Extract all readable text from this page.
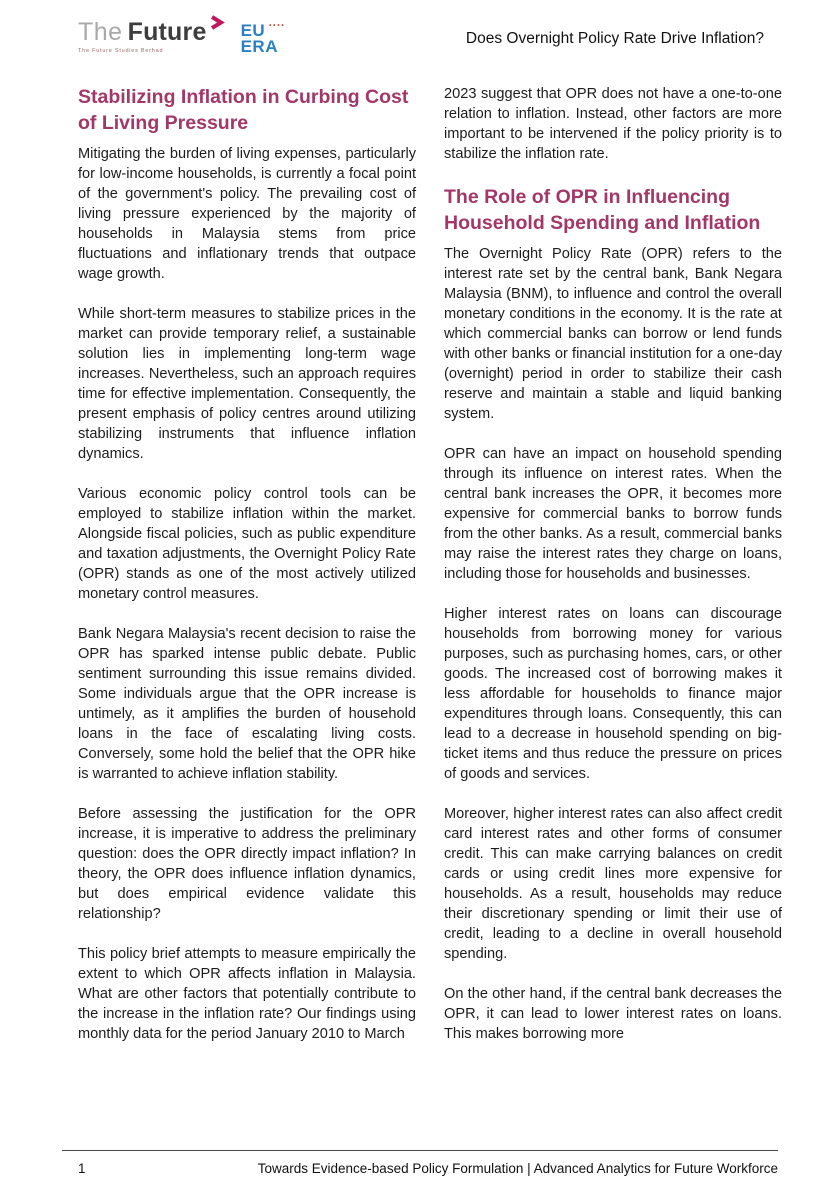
The Future
The Future Studies Berhad
EU ••••
ERA	Does Overnight Policy Rate Drive Inflation?
Stabilizing Inflation in Curbing Cost of Living Pressure

Mitigating the burden of living expenses, particularly for low-income households, is currently a focal point of the government's policy. The prevailing cost of living pressure experienced by the majority of households in Malaysia stems from price fluctuations and inflationary trends that outpace wage growth.

While short-term measures to stabilize prices in the market can provide temporary relief, a sustainable solution lies in implementing long-term wage increases. Nevertheless, such an approach requires time for effective implementation. Consequently, the present emphasis of policy centres around utilizing stabilizing instruments that influence inflation dynamics.

Various economic policy control tools can be employed to stabilize inflation within the market. Alongside fiscal policies, such as public expenditure and taxation adjustments, the Overnight Policy Rate (OPR) stands as one of the most actively utilized monetary control measures.

Bank Negara Malaysia's recent decision to raise the OPR has sparked intense public debate. Public sentiment surrounding this issue remains divided. Some individuals argue that the OPR increase is untimely, as it amplifies the burden of household loans in the face of escalating living costs. Conversely, some hold the belief that the OPR hike is warranted to achieve inflation stability.

Before assessing the justification for the OPR increase, it is imperative to address the preliminary question: does the OPR directly impact inflation? In theory, the OPR does influence inflation dynamics, but does empirical evidence validate this relationship?

This policy brief attempts to measure empirically the extent to which OPR affects inflation in Malaysia. What are other factors that potentially contribute to the increase in the inflation rate? Our findings using monthly data for the period January 2010 to March

2023 suggest that OPR does not have a one-to-one relation to inflation. Instead, other factors are more important to be intervened if the policy priority is to stabilize the inflation rate.

The Role of OPR in Influencing Household Spending and Inflation

The Overnight Policy Rate (OPR) refers to the interest rate set by the central bank, Bank Negara Malaysia (BNM), to influence and control the overall monetary conditions in the economy. It is the rate at which commercial banks can borrow or lend funds with other banks or financial institution for a one-day (overnight) period in order to stabilize their cash reserve and maintain a stable and liquid banking system.

OPR can have an impact on household spending through its influence on interest rates. When the central bank increases the OPR, it becomes more expensive for commercial banks to borrow funds from the other banks. As a result, commercial banks may raise the interest rates they charge on loans, including those for households and businesses.

Higher interest rates on loans can discourage households from borrowing money for various purposes, such as purchasing homes, cars, or other goods. The increased cost of borrowing makes it less affordable for households to finance major expenditures through loans. Consequently, this can lead to a decrease in household spending on big-ticket items and thus reduce the pressure on prices of goods and services.

Moreover, higher interest rates can also affect credit card interest rates and other forms of consumer credit. This can make carrying balances on credit cards or using credit lines more expensive for households. As a result, households may reduce their discretionary spending or limit their use of credit, leading to a decline in overall household spending.

On the other hand, if the central bank decreases the OPR, it can lead to lower interest rates on loans. This makes borrowing more

1	Towards Evidence-based Policy Formulation | Advanced Analytics for Future Workforce
